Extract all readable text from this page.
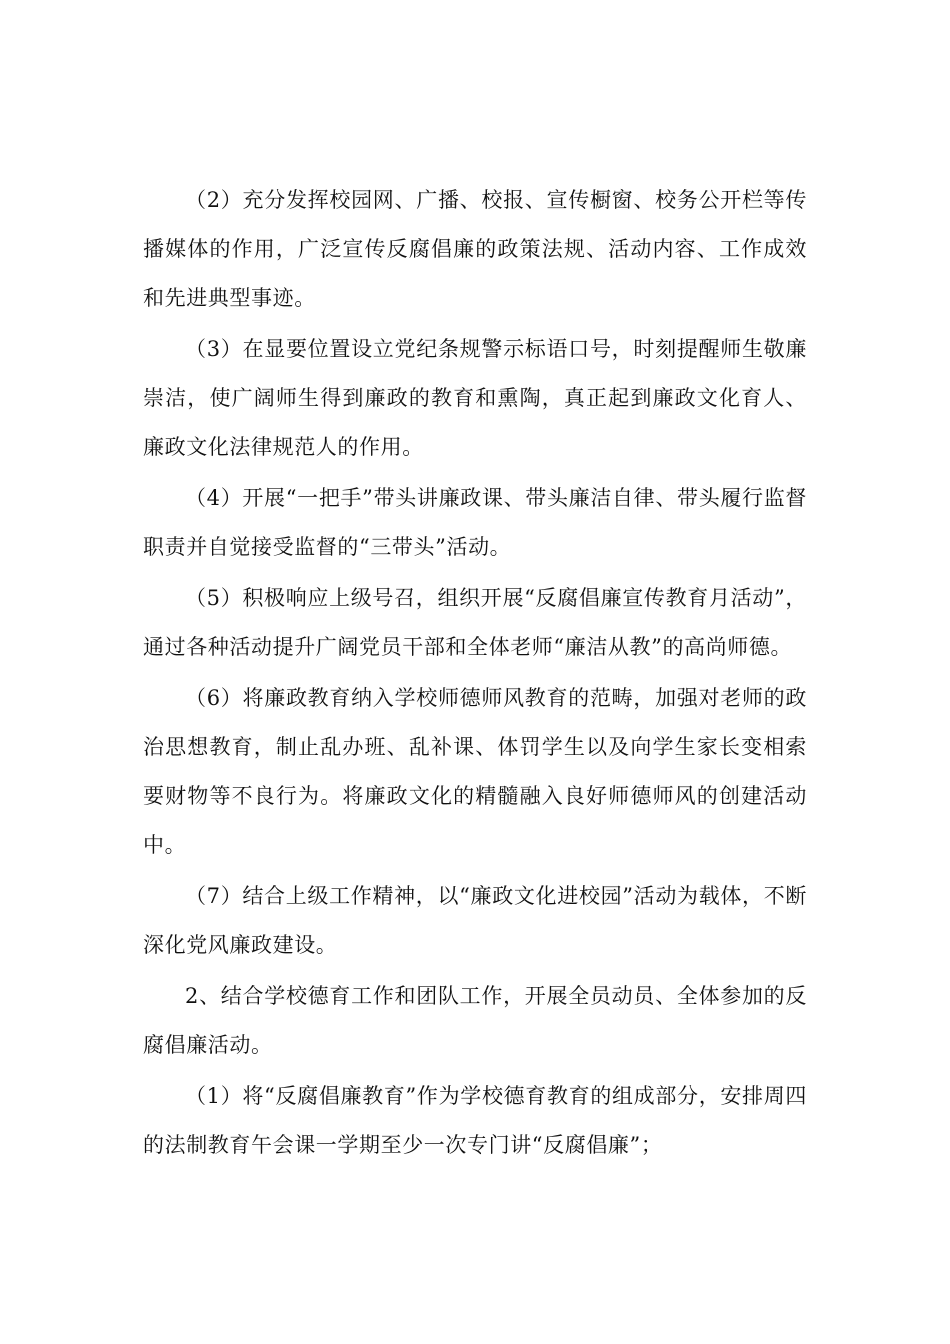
（2）充分发挥校园网、广播、校报、宣传橱窗、校务公开栏等传播媒体的作用，广泛宣传反腐倡廉的政策法规、活动内容、工作成效和先进典型事迹。

（3）在显要位置设立党纪条规警示标语口号，时刻提醒师生敬廉崇洁，使广阔师生得到廉政的教育和熏陶，真正起到廉政文化育人、廉政文化法律规范人的作用。

（4）开展“一把手”带头讲廉政课、带头廉洁自律、带头履行监督职责并自觉接受监督的“三带头”活动。

（5）积极响应上级号召，组织开展“反腐倡廉宣传教育月活动”，通过各种活动提升广阔党员干部和全体老师“廉洁从教”的高尚师德。

（6）将廉政教育纳入学校师德师风教育的范畴，加强对老师的政治思想教育，制止乱办班、乱补课、体罚学生以及向学生家长变相索要财物等不良行为。将廉政文化的精髓融入良好师德师风的创建活动中。

（7）结合上级工作精神，以“廉政文化进校园”活动为载体，不断深化党风廉政建设。

2、结合学校德育工作和团队工作，开展全员动员、全体参加的反腐倡廉活动。

（1）将“反腐倡廉教育”作为学校德育教育的组成部分，安排周四的法制教育午会课一学期至少一次专门讲“反腐倡廉”；
